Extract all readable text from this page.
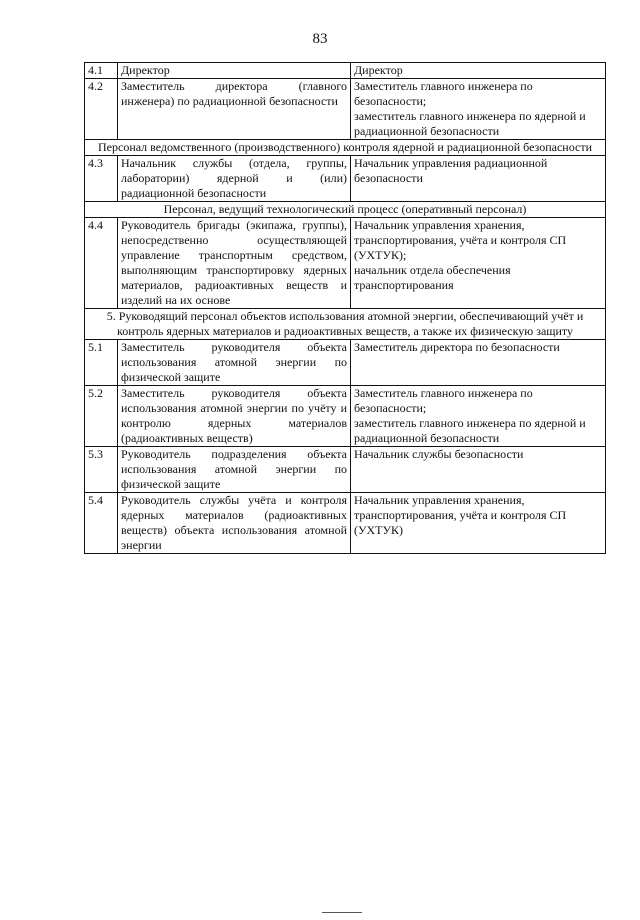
83
4.1	Директор	Директор

4.2	Заместитель директора (главного инженера) по радиационной безопасности	Заместитель главного инженера по безопасности;
заместитель главного инженера по ядерной и радиационной безопасности

Персонал ведомственного (производственного) контроля ядерной и радиационной безопасности		
4.3	Начальник службы (отдела, группы, лаборатории) ядерной и (или) радиационной безопасности	Начальник управления радиационной безопасности

Персонал, ведущий технологический процесс (оперативный персонал)		
4.4	Руководитель бригады (экипажа, группы), непосредственно осуществляющей управление транспортным средством, выполняющим транспортировку ядерных материалов, радиоактивных веществ и изделий на их основе	Начальник управления хранения, транспортирования, учёта и контроля СП (УХТУК);
начальник отдела обеспечения транспортирования

5. Руководящий персонал объектов использования атомной энергии, обеспечивающий учёт и контроль ядерных материалов и радиоактивных веществ, а также их физическую защиту		
5.1	Заместитель руководителя объекта использования атомной энергии по физической защите	Заместитель директора по безопасности

5.2	Заместитель руководителя объекта использования атомной энергии по учёту и контролю ядерных материалов (радиоактивных веществ)	Заместитель главного инженера по безопасности;
заместитель главного инженера по ядерной и радиационной безопасности

5.3	Руководитель подразделения объекта использования атомной энергии по физической защите	Начальник службы безопасности

5.4	Руководитель службы учёта и контроля ядерных материалов (радиоактивных веществ) объекта использования атомной энергии	Начальник управления хранения, транспортирования, учёта и контроля СП (УХТУК)
